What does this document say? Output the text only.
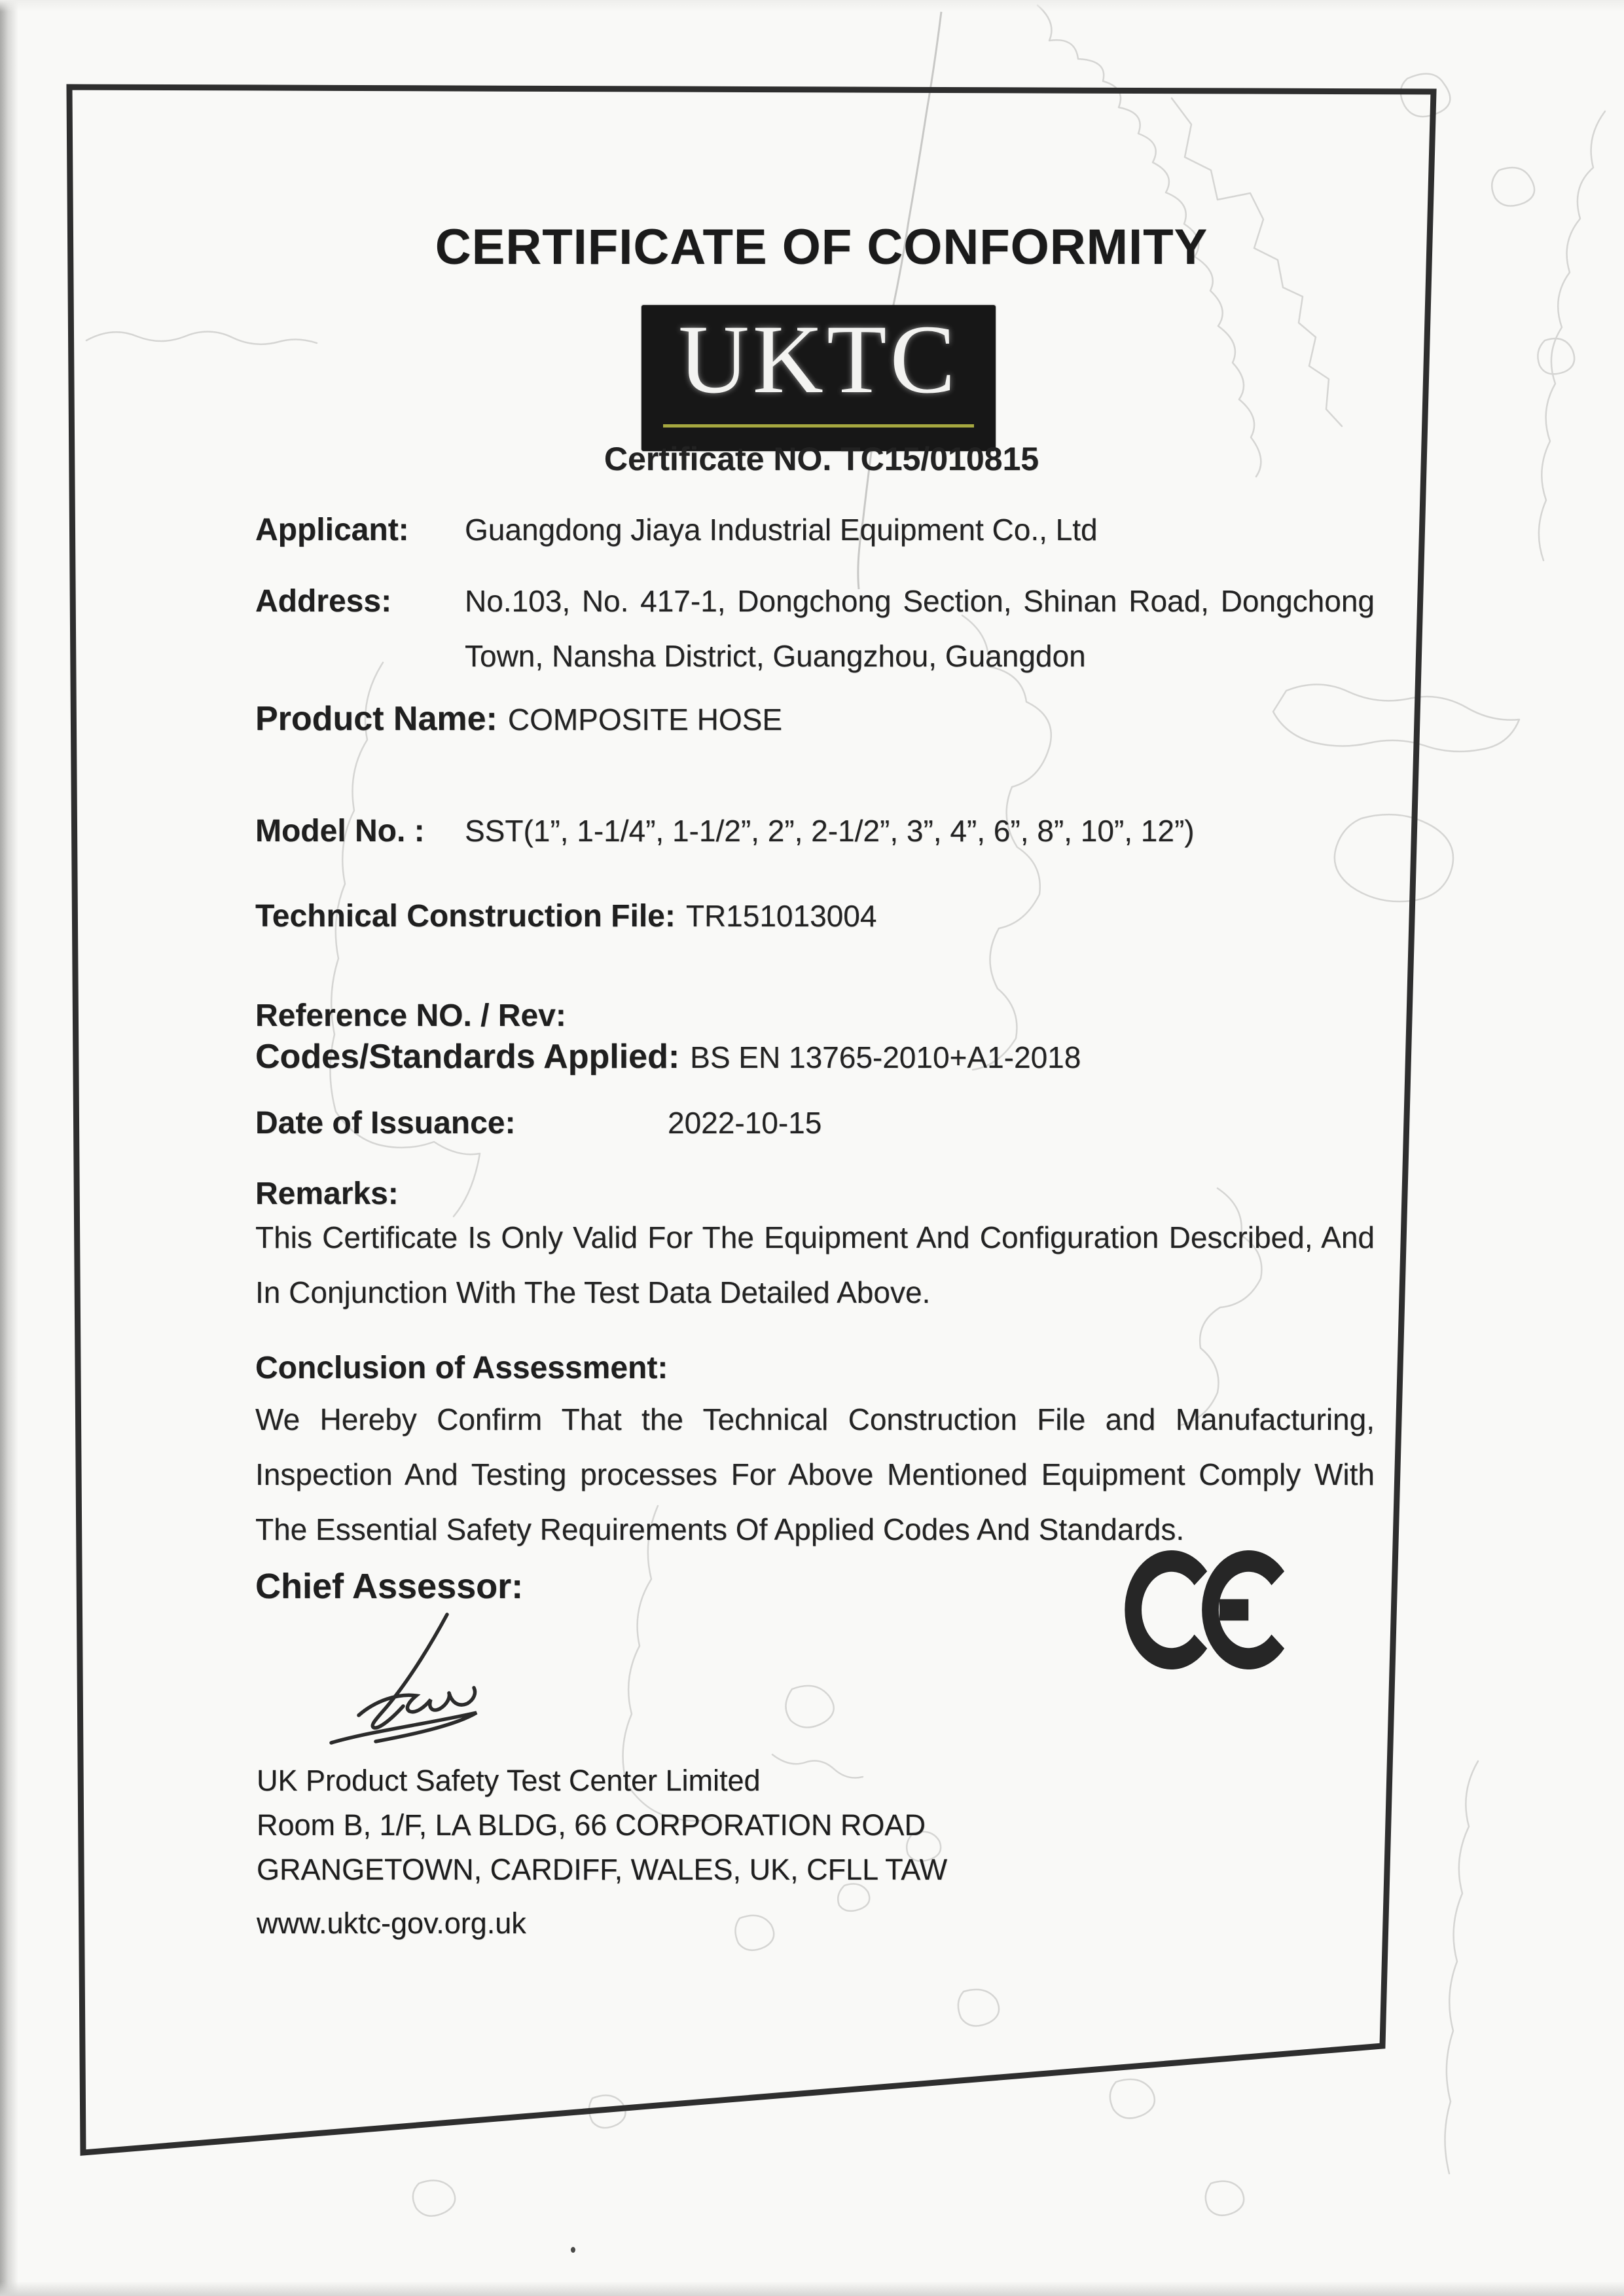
CERTIFICATE OF CONFORMITY
UKTC
Certificate NO. TC15/010815
Applicant:	Guangdong Jiaya Industrial Equipment Co., Ltd
Address:	No.103, No. 417-1, Dongchong Section, Shinan Road, Dongchong Town, Nansha District, Guangzhou, Guangdon
Product Name: COMPOSITE HOSE
Model No. :	SST(1”, 1-1/4”, 1-1/2”, 2”, 2-1/2”, 3”, 4”, 6”, 8”, 10”, 12”)
Technical Construction File: TR151013004
Reference NO. / Rev:
Codes/Standards Applied: BS EN 13765-2010+A1-2018
Date of Issuance:	2022-10-15
Remarks:
This Certificate Is Only Valid For The Equipment And Configuration Described, And In Conjunction With The Test Data Detailed Above.
Conclusion of Assessment:
We Hereby Confirm That the Technical Construction File and Manufacturing, Inspection And Testing processes For Above Mentioned Equipment Comply With The Essential Safety Requirements Of Applied Codes And Standards.
Chief Assessor:
UK Product Safety Test Center Limited
Room B, 1/F, LA BLDG, 66 CORPORATION ROAD
GRANGETOWN, CARDIFF, WALES, UK, CFLL TAW
www.uktc-gov.org.uk
